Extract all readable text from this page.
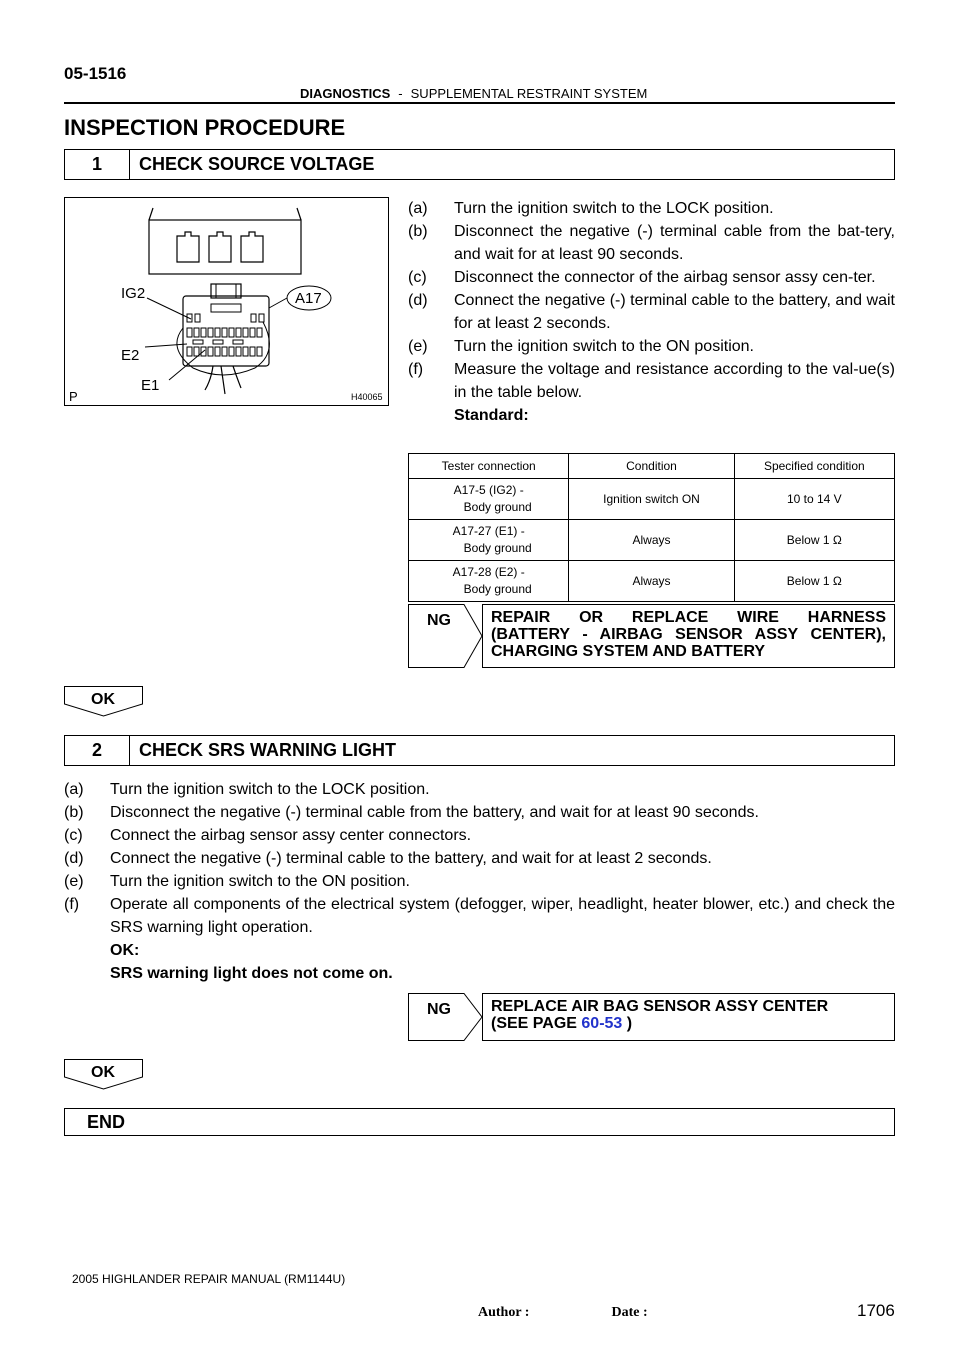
05-1516
DIAGNOSTICS - SUPPLEMENTAL RESTRAINT SYSTEM
INSPECTION PROCEDURE
1	CHECK SOURCE VOLTAGE
IG2	A17
E2
E1
P	H40065
(a)	Turn the ignition switch to the LOCK position.
(b)	Disconnect the negative (-) terminal cable from the bat-tery, and wait for at least 90 seconds.
(c)	Disconnect the connector of the airbag sensor assy cen-ter.
(d)	Connect the negative (-) terminal cable to the battery, and wait for at least 2 seconds.
(e)	Turn the ignition switch to the ON position.
(f)	Measure the voltage and resistance according to the val-ue(s) in the table below.
Standard:
Tester connection	Condition	Specified condition
A17-5 (IG2) -
Body ground	Ignition switch ON	10 to 14 V
A17-27 (E1) -
Body ground	Always	Below 1 Ω
A17-28 (E2) -
Body ground	Always	Below 1 Ω
NG	REPAIR OR REPLACE WIRE HARNESS
(BATTERY - AIRBAG SENSOR ASSY CENTER),
CHARGING SYSTEM AND BATTERY
OK
2	CHECK SRS WARNING LIGHT
(a)	Turn the ignition switch to the LOCK position.
(b)	Disconnect the negative (-) terminal cable from the battery, and wait for at least 90 seconds.
(c)	Connect the airbag sensor assy center connectors.
(d)	Connect the negative (-) terminal cable to the battery, and wait for at least 2 seconds.
(e)	Turn the ignition switch to the ON position.
(f)	Operate all components of the electrical system (defogger, wiper, headlight, heater blower, etc.) and check the SRS warning light operation.
OK:
SRS warning light does not come on.
NG	REPLACE AIR BAG SENSOR ASSY CENTER
(SEE PAGE 60-53 )
OK
END
2005 HIGHLANDER REPAIR MANUAL (RM1144U)
Author :	Date :	1706
